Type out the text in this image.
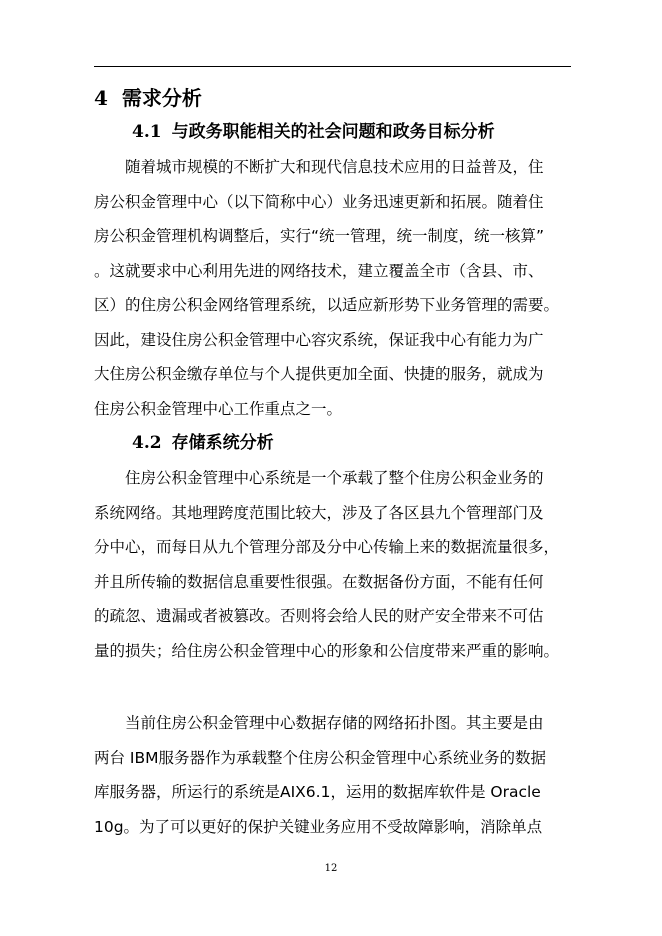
4 需求分析
4.1 与政务职能相关的社会问题和政务目标分析
　　随着城市规模的不断扩大和现代信息技术应用的日益普及，住
房公积金管理中心（以下简称中心）业务迅速更新和拓展。随着住
房公积金管理机构调整后，实行“统一管理，统一制度，统一核算”
。这就要求中心利用先进的网络技术，建立覆盖全市（含县、市、
区）的住房公积金网络管理系统，以适应新形势下业务管理的需要。
因此，建设住房公积金管理中心容灾系统，保证我中心有能力为广
大住房公积金缴存单位与个人提供更加全面、快捷的服务，就成为
住房公积金管理中心工作重点之一。
4.2 存储系统分析
　　住房公积金管理中心系统是一个承载了整个住房公积金业务的
系统网络。其地理跨度范围比较大，涉及了各区县九个管理部门及
分中心，而每日从九个管理分部及分中心传输上来的数据流量很多，
并且所传输的数据信息重要性很强。在数据备份方面，不能有任何
的疏忽、遗漏或者被篡改。否则将会给人民的财产安全带来不可估
量的损失；给住房公积金管理中心的形象和公信度带来严重的影响。
　　当前住房公积金管理中心数据存储的网络拓扑图。其主要是由
两台 IBM服务器作为承载整个住房公积金管理中心系统业务的数据
库服务器，所运行的系统是AIX6.1，运用的数据库软件是 Oracle
10g。为了可以更好的保护关键业务应用不受故障影响，消除单点
12
